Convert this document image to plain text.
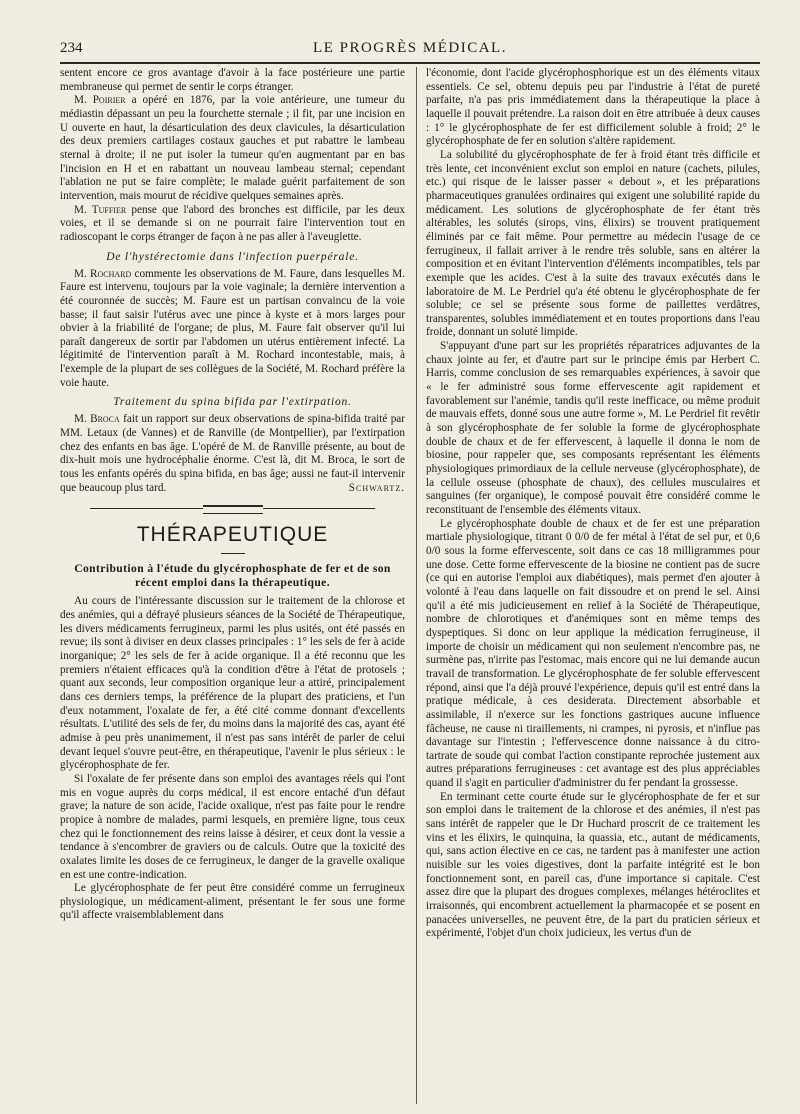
234	LE PROGRÈS MÉDICAL.

sentent encore ce gros avantage d'avoir à la face postérieure une partie membraneuse qui permet de sentir le corps étranger.

M. Poirier a opéré en 1876, par la voie antérieure, une tumeur du médiastin dépassant un peu la fourchette sternale ; il fit, par une incision en U ouverte en haut, la désarticulation des deux clavicules, la désarticulation des deux premiers cartilages costaux gauches et put rabattre le lambeau sternal à droite; il ne put isoler la tumeur qu'en augmentant par en bas l'incision en H et en rabattant un nouveau lambeau sternal; cependant l'ablation ne put se faire complète; le malade guérit parfaitement de son intervention, mais mourut de récidive quelques semaines après.

M. Tuffier pense que l'abord des bronches est difficile, par les deux voies, et il se demande si on ne pourrait faire l'intervention tout en radioscopant le corps étranger de façon à ne pas aller à l'aveuglette.

De l'hystérectomie dans l'infection puerpérale.

M. Rochard commente les observations de M. Faure, dans lesquelles M. Faure est intervenu, toujours par la voie vaginale; la dernière intervention a été couronnée de succès; M. Faure est un partisan convaincu de la voie basse; il faut saisir l'utérus avec une pince à kyste et à mors larges pour obvier à la friabilité de l'organe; de plus, M. Faure fait observer qu'il lui paraît dangereux de sortir par l'abdomen un utérus entièrement infecté. La légitimité de l'intervention paraît à M. Rochard incontestable, mais, à l'exemple de la plupart de ses collègues de la Société, M. Rochard préfère la voie haute.

Traitement du spina bifida par l'extirpation.

M. Broca fait un rapport sur deux observations de spina-bifida traité par MM. Letaux (de Vannes) et de Ranville (de Montpellier), par l'extirpation chez des enfants en bas âge. L'opéré de M. de Ranville présente, au bout de dix-huit mois une hydrocéphalie énorme. C'est là, dit M. Broca, le sort de tous les enfants opérés du spina bifida, en bas âge; aussi ne faut-il intervenir que beaucoup plus tard.	Schwartz.

THÉRAPEUTIQUE
Contribution à l'étude du glycérophosphate de fer et de son récent emploi dans la thérapeutique.

Au cours de l'intéressante discussion sur le traitement de la chlorose et des anémies, qui a défrayé plusieurs séances de la Société de Thérapeutique, les divers médicaments ferrugineux, parmi les plus usités, ont été passés en revue; ils sont à diviser en deux classes principales : 1° les sels de fer à acide inorganique; 2° les sels de fer à acide organique. Il a été reconnu que les premiers n'étaient efficaces qu'à la condition d'être à l'état de protosels ; quant aux seconds, leur composition organique leur a attiré, principalement dans ces derniers temps, la préférence de la plupart des praticiens, et l'un d'eux notamment, l'oxalate de fer, a été cité comme donnant d'excellents résultats. L'utilité des sels de fer, du moins dans la majorité des cas, ayant été admise à peu près unanimement, il n'est pas sans intérêt de parler de celui devant lequel s'ouvre peut-être, en thérapeutique, l'avenir le plus sérieux : le glycérophosphate de fer.

Si l'oxalate de fer présente dans son emploi des avantages réels qui l'ont mis en vogue auprès du corps médical, il est encore entaché d'un défaut grave; la nature de son acide, l'acide oxalique, n'est pas faite pour le rendre propice à nombre de malades, parmi lesquels, en première ligne, tous ceux chez qui le fonctionnement des reins laisse à désirer, et ceux dont la vessie a tendance à s'encombrer de graviers ou de calculs. Outre que la toxicité des oxalates limite les doses de ce ferrugineux, le danger de la gravelle oxalique en est une contre-indication.

Le glycérophosphate de fer peut être considéré comme un ferrugineux physiologique, un médicament-aliment, présentant le fer sous une forme qu'il affecte vraisemblablement dans

l'économie, dont l'acide glycérophosphorique est un des éléments vitaux essentiels. Ce sel, obtenu depuis peu par l'industrie à l'état de pureté parfaite, n'a pas pris immédiatement dans la thérapeutique la place à laquelle il pouvait prétendre. La raison doit en être attribuée à deux causes : 1° le glycérophosphate de fer est difficilement soluble à froid; 2° le glycérophosphate de fer en solution s'altère rapidement.

La solubilité du glycérophosphate de fer à froid étant très difficile et très lente, cet inconvénient exclut son emploi en nature (cachets, pilules, etc.) qui risque de le laisser passer « debout », et les préparations pharmaceutiques granulées ordinaires qui exigent une solubilité rapide du médicament. Les solutions de glycérophosphate de fer étant très altérables, les solutés (sirops, vins, élixirs) se trouvent pratiquement éliminés par ce fait même. Pour permettre au médecin l'usage de ce ferrugineux, il fallait arriver à le rendre très soluble, sans en altérer la composition et en évitant l'intervention d'éléments incompatibles, tels par exemple que les acides. C'est à la suite des travaux exécutés dans le laboratoire de M. Le Perdriel qu'a été obtenu le glycérophosphate de fer soluble; ce sel se présente sous forme de paillettes verdâtres, transparentes, solubles immédiatement et en toutes proportions dans l'eau froide, donnant un soluté limpide.

S'appuyant d'une part sur les propriétés réparatrices adjuvantes de la chaux jointe au fer, et d'autre part sur le principe émis par Herbert C. Harris, comme conclusion de ses remarquables expériences, à savoir que « le fer administré sous forme effervescente agit rapidement et favorablement sur l'anémie, tandis qu'il reste inefficace, ou même produit de mauvais effets, donné sous une autre forme », M. Le Perdriel fit revêtir à son glycérophosphate de fer soluble la forme de glycérophosphate double de chaux et de fer effervescent, à laquelle il donna le nom de biosine, pour rappeler que, ses composants représentant les éléments physiologiques primordiaux de la cellule nerveuse (glycérophosphate), de la cellule osseuse (phosphate de chaux), des cellules musculaires et sanguines (fer organique), le composé pouvait être considéré comme le reconstituant de l'ensemble des éléments vitaux.

Le glycérophosphate double de chaux et de fer est une préparation martiale physiologique, titrant 0 0/0 de fer métal à l'état de sel pur, et 0,6 0/0 sous la forme effervescente, soit dans ce cas 18 milligrammes pour une dose. Cette forme effervescente de la biosine ne contient pas de sucre (ce qui en autorise l'emploi aux diabétiques), mais permet d'en ajouter à volonté à l'eau dans laquelle on fait dissoudre et on prend le sel. Ainsi qu'il a été mis judicieusement en relief à la Société de Thérapeutique, nombre de chlorotiques et d'anémiques sont en même temps des dyspeptiques. Si donc on leur applique la médication ferrugineuse, il importe de choisir un médicament qui non seulement n'encombre pas, ne surmène pas, n'irrite pas l'estomac, mais encore qui ne lui demande aucun travail de transformation. Le glycérophosphate de fer soluble effervescent répond, ainsi que l'a déjà prouvé l'expérience, depuis qu'il est entré dans la pratique médicale, à ces desiderata. Directement absorbable et assimilable, il n'exerce sur les fonctions gastriques aucune influence fâcheuse, ne cause ni tiraillements, ni crampes, ni pyrosis, et n'influe pas davantage sur l'intestin ; l'effervescence donne naissance à du citro-tartrate de soude qui combat l'action constipante reprochée justement aux autres préparations ferrugineuses : cet avantage est des plus appréciables quand il s'agit en particulier d'administrer du fer pendant la grossesse.

En terminant cette courte étude sur le glycérophosphate de fer et sur son emploi dans le traitement de la chlorose et des anémies, il n'est pas sans intérêt de rappeler que le Dr Huchard proscrit de ce traitement les vins et les élixirs, le quinquina, la quassia, etc., autant de médicaments, qui, sans action élective en ce cas, ne tardent pas à manifester une action nuisible sur les voies digestives, dont la parfaite intégrité est le bon fonctionnement sont, en pareil cas, d'une importance si capitale. C'est assez dire que la plupart des drogues complexes, mélanges hétéroclites et irraisonnés, qui encombrent actuellement la pharmacopée et se posent en panacées universelles, ne peuvent être, de la part du praticien sérieux et expérimenté, l'objet d'un choix judicieux, les vertus d'un de
